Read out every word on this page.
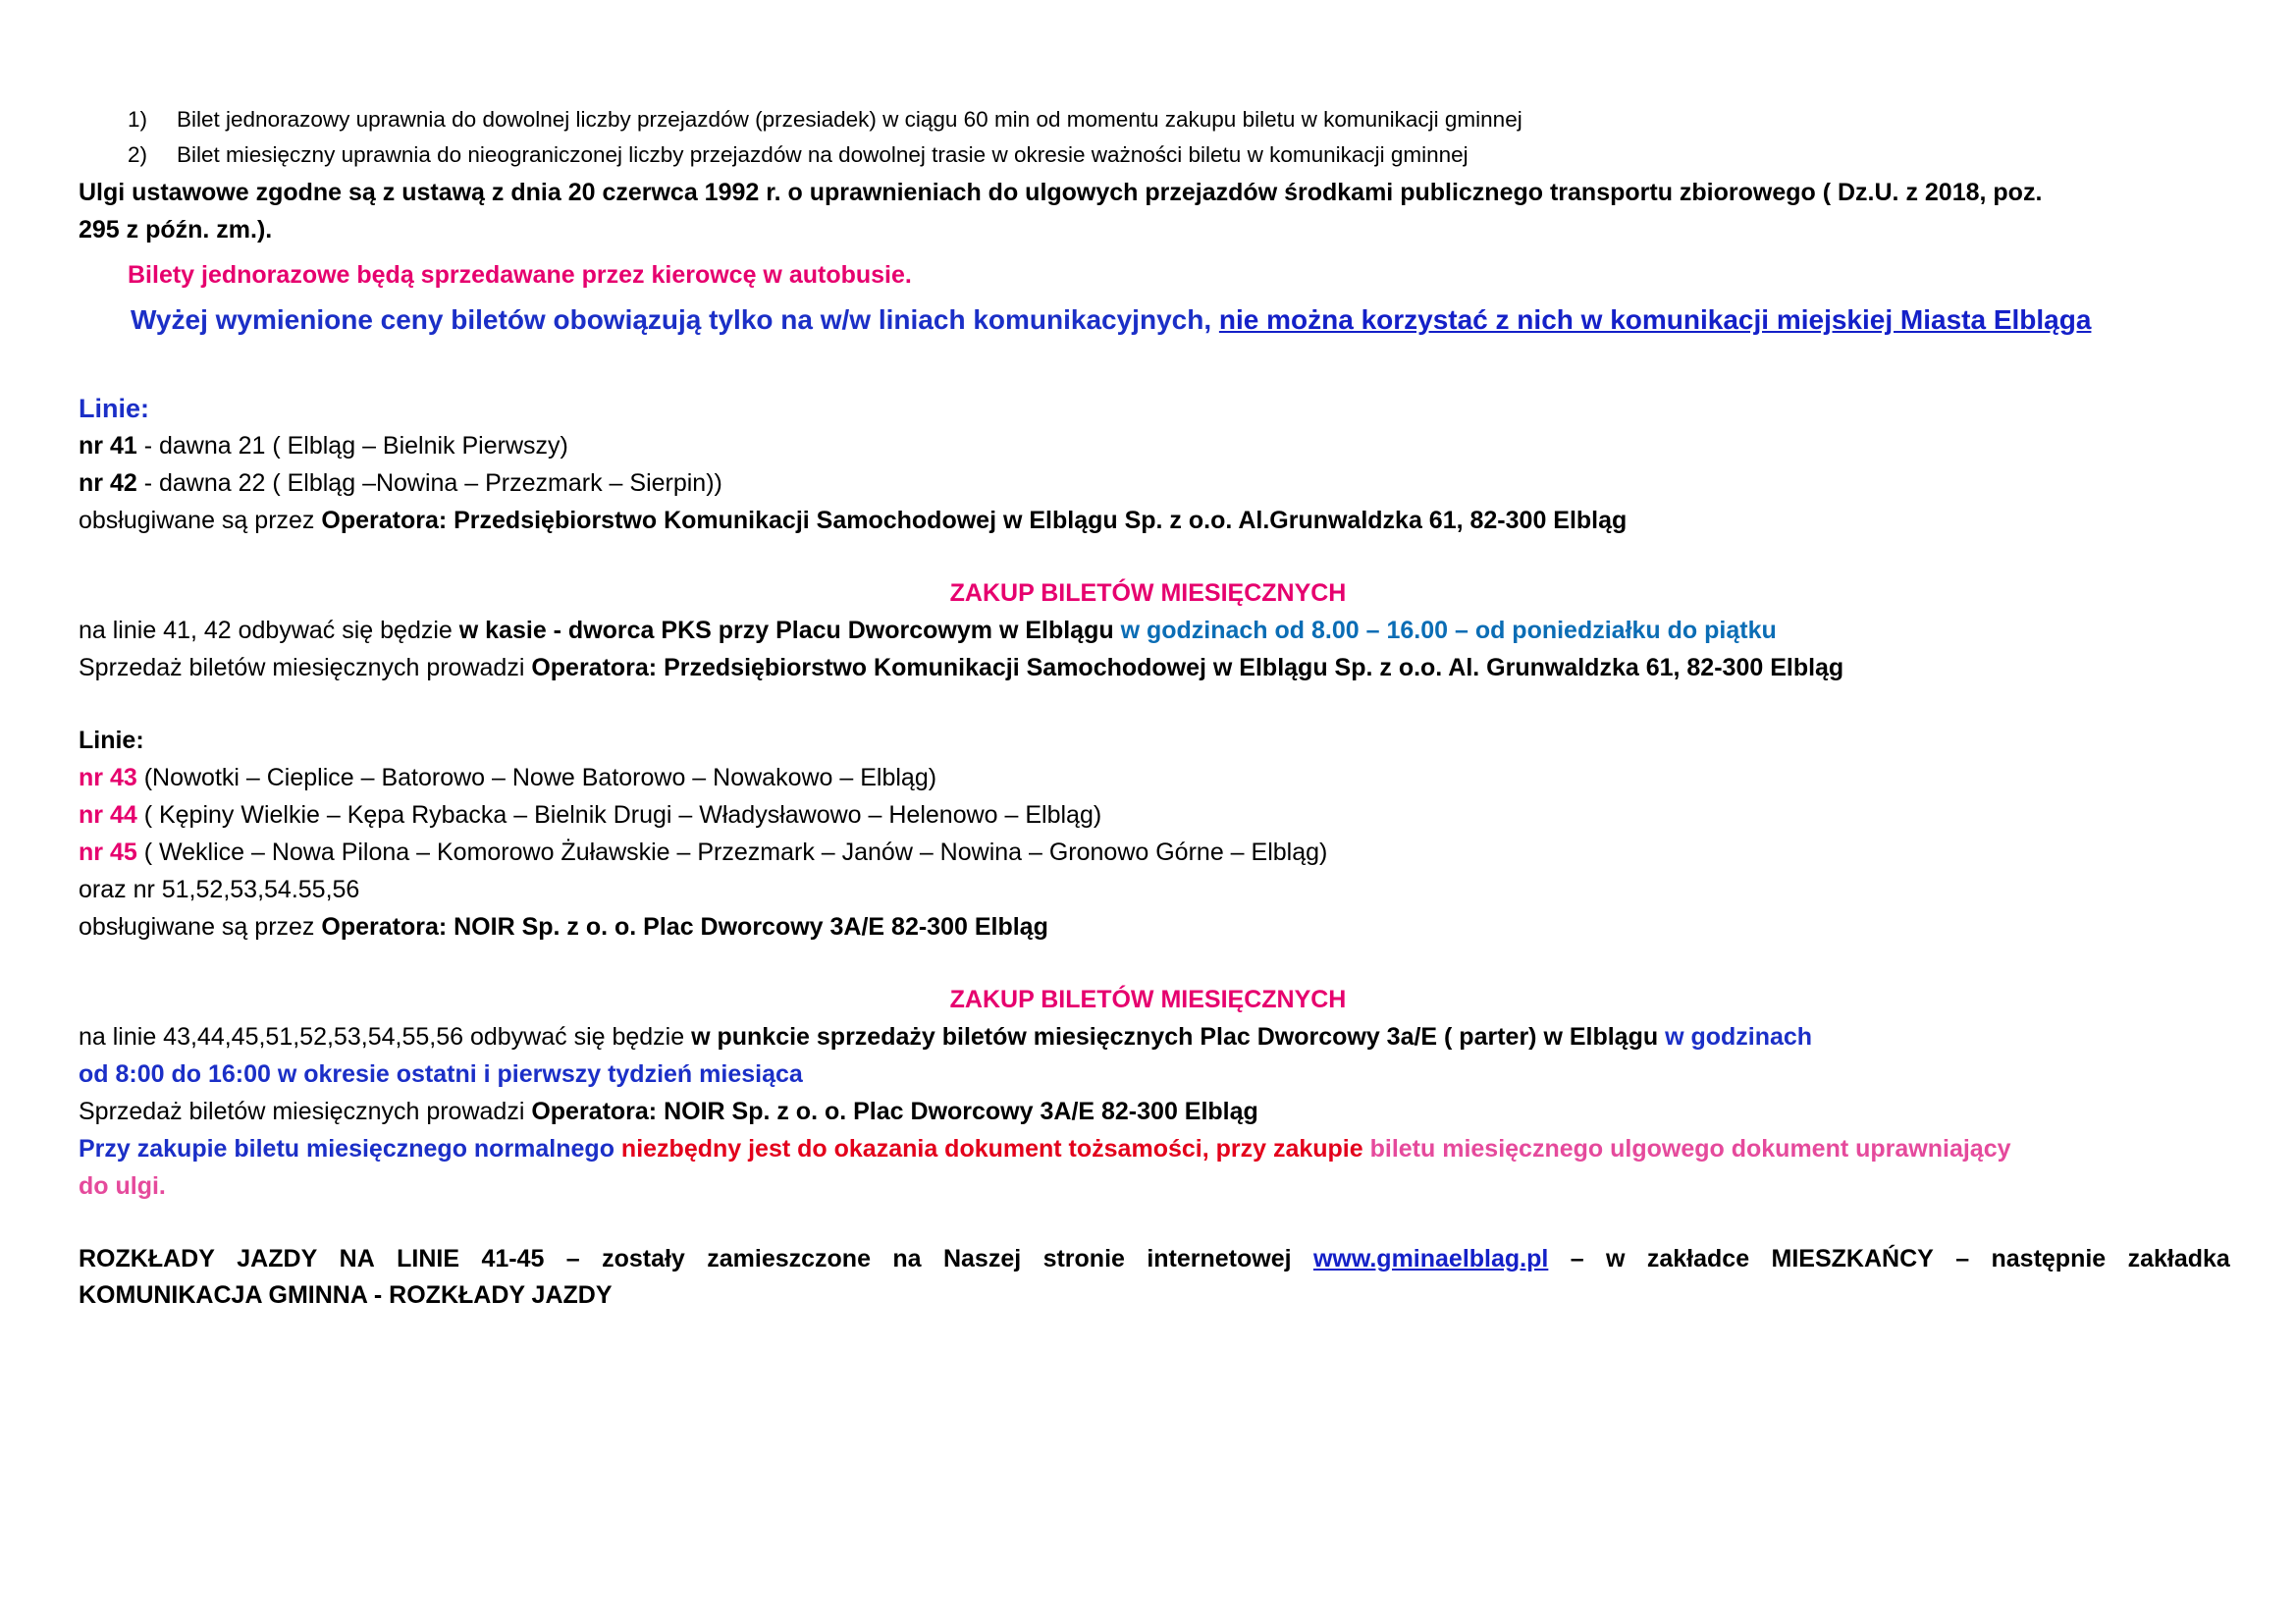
1) Bilet jednorazowy uprawnia do dowolnej liczby przejazdów (przesiadek) w ciągu 60 min od momentu zakupu biletu w komunikacji gminnej
2) Bilet miesięczny uprawnia do nieograniczonej liczby przejazdów na dowolnej trasie w okresie ważności biletu w komunikacji gminnej
Ulgi ustawowe zgodne są z ustawą z dnia 20 czerwca 1992 r. o uprawnieniach do ulgowych przejazdów środkami publicznego transportu zbiorowego ( Dz.U. z 2018, poz.
295 z późn. zm.).
Bilety jednorazowe będą sprzedawane przez kierowcę w autobusie.
Wyżej wymienione ceny biletów obowiązują tylko na w/w liniach komunikacyjnych, nie można korzystać z nich w komunikacji miejskiej Miasta Elbląga
Linie:
nr 41 - dawna 21 ( Elbląg – Bielnik Pierwszy)
nr 42 - dawna 22 ( Elbląg –Nowina – Przezmark – Sierpin))
obsługiwane są przez Operatora: Przedsiębiorstwo Komunikacji Samochodowej w Elblągu Sp. z o.o. Al.Grunwaldzka 61, 82-300 Elbląg
ZAKUP BILETÓW MIESIĘCZNYCH
na linie 41, 42 odbywać się będzie w kasie - dworca PKS przy Placu Dworcowym w Elblągu w godzinach od 8.00 – 16.00 – od poniedziałku do piątku
Sprzedaż biletów miesięcznych prowadzi Operatora: Przedsiębiorstwo Komunikacji Samochodowej w Elblągu Sp. z o.o. Al. Grunwaldzka 61, 82-300 Elbląg
Linie:
nr 43 (Nowotki – Cieplice – Batorowo – Nowe Batorowo – Nowakowo – Elbląg)
nr 44 ( Kępiny Wielkie – Kępa Rybacka – Bielnik Drugi – Władysławowo – Helenowo – Elbląg)
nr 45 ( Weklice – Nowa Pilona – Komorowo Żuławskie – Przezmark – Janów – Nowina – Gronowo Górne – Elbląg)
oraz nr 51,52,53,54.55,56
obsługiwane są przez Operatora: NOIR Sp. z o. o. Plac Dworcowy 3A/E 82-300 Elbląg
ZAKUP BILETÓW MIESIĘCZNYCH
na linie 43,44,45,51,52,53,54,55,56 odbywać się będzie w punkcie sprzedaży biletów miesięcznych Plac Dworcowy 3a/E ( parter) w Elblągu w godzinach
od 8:00 do 16:00 w okresie ostatni i pierwszy tydzień miesiąca
Sprzedaż biletów miesięcznych prowadzi Operatora: NOIR Sp. z o. o. Plac Dworcowy 3A/E 82-300 Elbląg
Przy zakupie biletu miesięcznego normalnego niezbędny jest do okazania dokument tożsamości, przy zakupie biletu miesięcznego ulgowego dokument uprawniający
do ulgi.
ROZKŁADY JAZDY NA LINIE 41-45 – zostały zamieszczone na Naszej stronie internetowej www.gminaelblag.pl – w zakładce MIESZKAŃCY – następnie zakładka
KOMUNIKACJA GMINNA - ROZKŁADY JAZDY
